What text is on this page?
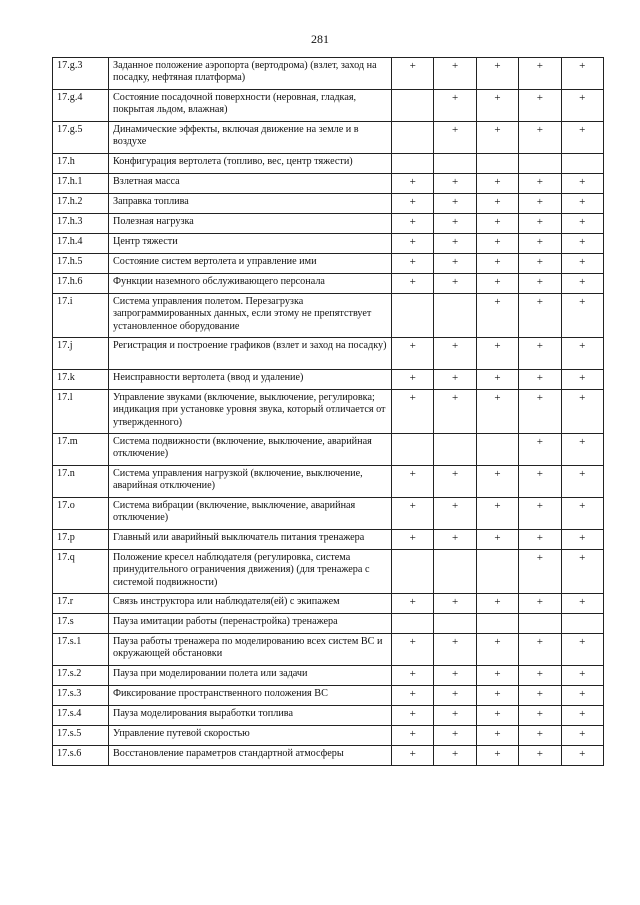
281
17.g.3	Заданное положение аэропорта (вертодрома) (взлет, заход на посадку, нефтяная платформа)	+	+	+	+	+
17.g.4	Состояние посадочной поверхности (неровная, гладкая, покрытая льдом, влажная)		+	+	+	+
17.g.5	Динамические эффекты, включая движение на земле и в воздухе		+	+	+	+
17.h	Конфигурация вертолета (топливо, вес, центр тяжести)					
17.h.1	Взлетная масса	+	+	+	+	+
17.h.2	Заправка топлива	+	+	+	+	+
17.h.3	Полезная нагрузка	+	+	+	+	+
17.h.4	Центр тяжести	+	+	+	+	+
17.h.5	Состояние систем вертолета и управление ими	+	+	+	+	+
17.h.6	Функции наземного обслуживающего персонала	+	+	+	+	+
17.i	Система управления полетом. Перезагрузка запрограммированных данных, если этому не препятствует установленное оборудование			+	+	+
17.j	Регистрация и построение графиков (взлет и заход на посадку)	+	+	+	+	+
17.k	Неисправности вертолета (ввод и удаление)	+	+	+	+	+
17.l	Управление звуками (включение, выключение, регулировка; индикация при установке уровня звука, который отличается от утвержденного)	+	+	+	+	+
17.m	Система подвижности (включение, выключение, аварийная отключение)				+	+
17.n	Система управления нагрузкой (включение, выключение, аварийная отключение)	+	+	+	+	+
17.o	Система вибрации (включение, выключение, аварийная отключение)	+	+	+	+	+
17.p	Главный или аварийный выключатель питания тренажера	+	+	+	+	+
17.q	Положение кресел наблюдателя (регулировка, система принудительного ограничения движения) (для тренажера с системой подвижности)				+	+
17.r	Связь инструктора или наблюдателя(ей) с экипажем	+	+	+	+	+
17.s	Пауза имитации работы (перенастройка) тренажера					
17.s.1	Пауза работы тренажера по моделированию всех систем ВС и окружающей обстановки	+	+	+	+	+
17.s.2	Пауза при моделировании полета или задачи	+	+	+	+	+
17.s.3	Фиксирование пространственного положения ВС	+	+	+	+	+
17.s.4	Пауза моделирования выработки топлива	+	+	+	+	+
17.s.5	Управление путевой скоростью	+	+	+	+	+
17.s.6	Восстановление параметров стандартной атмосферы	+	+	+	+	+
